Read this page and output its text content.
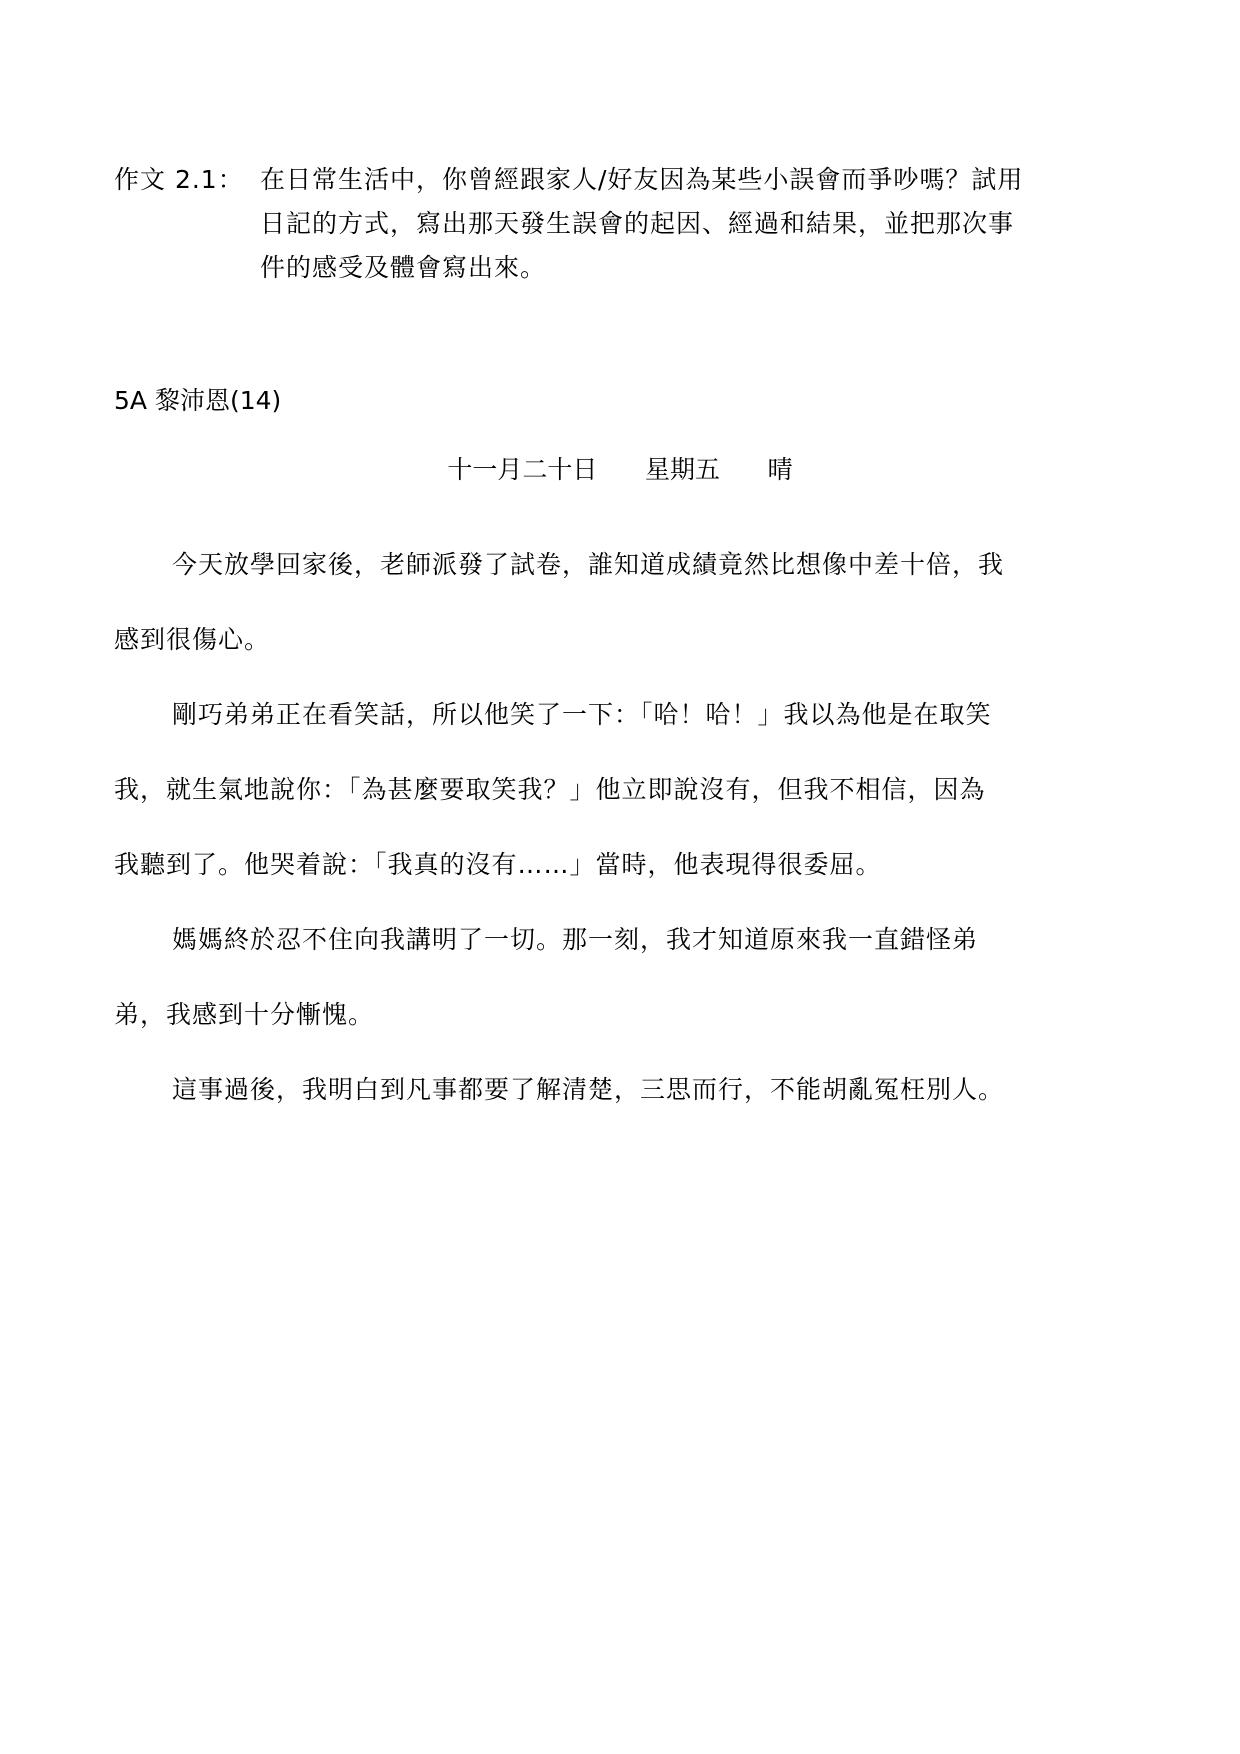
作文 2.1： 在日常生活中，你曾經跟家人/好友因為某些小誤會而爭吵嗎？試用
日記的方式，寫出那天發生誤會的起因、經過和結果，並把那次事
件的感受及體會寫出來。
5A 黎沛恩(14)
十一月二十日      星期五      晴
今天放學回家後，老師派發了試卷，誰知道成績竟然比想像中差十倍，我
感到很傷心。
剛巧弟弟正在看笑話，所以他笑了一下：「哈！哈！」我以為他是在取笑
我，就生氣地說你：「為甚麼要取笑我？」他立即說沒有，但我不相信，因為
我聽到了。他哭着說：「我真的沒有……」當時，他表現得很委屈。
媽媽終於忍不住向我講明了一切。那一刻，我才知道原來我一直錯怪弟
弟，我感到十分慚愧。
這事過後，我明白到凡事都要了解清楚，三思而行，不能胡亂冤枉別人。
